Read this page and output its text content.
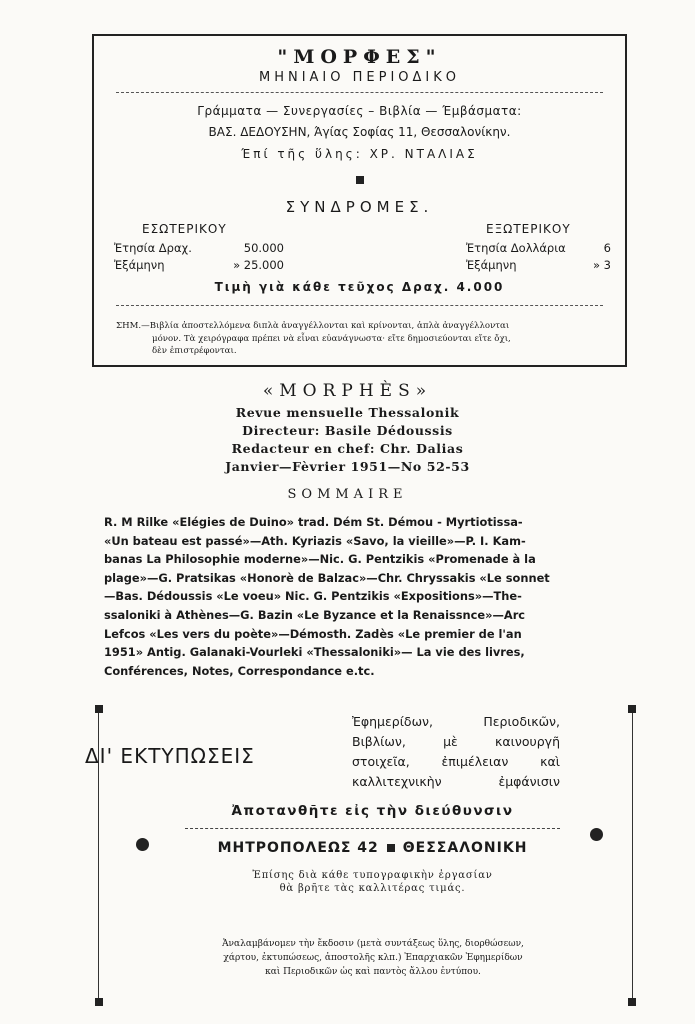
"ΜΟΡΦΕΣ"
ΜΗΝΙΑΙΟ ΠΕΡΙΟΔΙΚΟ
Γράμματα — Συνεργασίες – Βιβλία — Έμβάσματα:
ΒΑΣ. ΔΕΔΟΥΣΗΝ, Άγίας Σοφίας 11, Θεσσαλονίκην.
Έπί τῆς ὕλης: ΧΡ. ΝΤΑΛΙΑΣ
ΣΥΝΔΡΟΜΕΣ.
ΕΣΩΤΕΡΙΚΟΥ
Ἐτησία Δραχ.	50.000
Ἐξάμηνη	» 25.000
ΕΞΩΤΕΡΙΚΟΥ
Ἐτησία Δολλάρια	6
Ἐξάμηνη	» 3
Τιμὴ γιὰ κάθε τεῦχος Δραχ. 4.000
ΣΗΜ.—Βιβλία ἀποστελλόμενα διπλὰ ἀναγγέλλονται καὶ κρίνονται, ἁπλὰ ἀναγγέλλονται
μόνον. Τὰ χειρόγραφα πρέπει νὰ εἶναι εὐανάγνωστα· εἴτε δημοσιεύονται εἴτε ὄχι,
δὲν ἐπιστρέφονται.
«MORPHÈS»
Revue mensuelle Thessalonik
Directeur: Basile Dédoussis
Redacteur en chef: Chr. Dalias
Janvier—Fèvrier 1951—No 52-53
SOMMAIRE
R. M Rilke «Elégies de Duino» trad. Dém St. Démou - Myrtiotissa-
«Un bateau est passé»—Ath. Kyriazis «Savo, la vieille»—P. I. Kam-
banas La Philosophie moderne»—Nic. G. Pentzikis «Promenade à la
plage»—G. Pratsikas «Honorè de Balzac»—Chr. Chryssakis «Le sonnet
—Bas. Dédoussis «Le voeu» Nic. G. Pentzikis «Expositions»—The-
ssaloniki à Athènes—G. Bazin «Le Byzance et la Renaissnce»—Arc
Lefcos «Les vers du poète»—Démosth. Zadès «Le premier de l'an
1951» Antig. Galanaki-Vourleki «Thessaloniki»— La vie des livres,
Conférences, Notes, Correspondance e.tc.
ΔΙ' ΕΚΤΥΠΩΣΕΙΣ
Ἐφημερίδων, Περιοδικῶν,
Βιβλίων, μὲ καινουργῆ
στοιχεῖα, ἐπιμέλειαν καὶ
καλλιτεχνικὴν ἐμφάνισιν
Ἀποτανθῆτε εἰς τὴν διεύθυνσιν
ΜΗΤΡΟΠΟΛΕΩΣ 42 ΘΕΣΣΑΛΟΝΙΚΗ
Ἐπίσης διὰ κάθε τυπογραφικὴν ἐργασίαν
θὰ βρῆτε τὰς καλλιτέρας τιμάς.
Ἀναλαμβάνομεν τὴν ἔκδοσιν (μετὰ συντάξεως ὕλης, διορθώσεων,
χάρτου, ἐκτυπώσεως, ἀποστολῆς κλπ.) Ἐπαρχιακῶν Ἐφημερίδων
καὶ Περιοδικῶν ὡς καὶ παντὸς ἄλλου ἐντύπου.
